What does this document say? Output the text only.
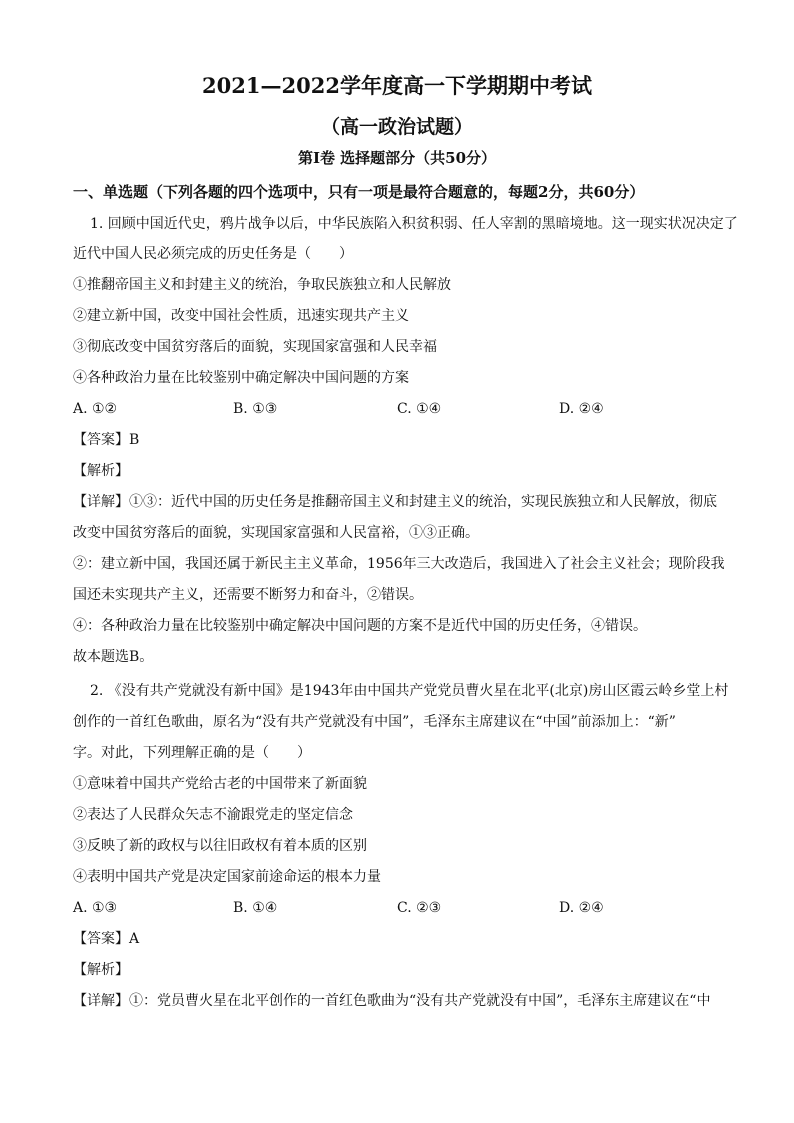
2021—2022学年度高一下学期期中考试
（高一政治试题）
第Ⅰ卷 选择题部分（共50分）
一、单选题（下列各题的四个选项中，只有一项是最符合题意的，每题2分，共60分）
1. 回顾中国近代史，鸦片战争以后，中华民族陷入积贫积弱、任人宰割的黑暗境地。这一现实状况决定了
近代中国人民必须完成的历史任务是（　　）
①推翻帝国主义和封建主义的统治，争取民族独立和人民解放
②建立新中国，改变中国社会性质，迅速实现共产主义
③彻底改变中国贫穷落后的面貌，实现国家富强和人民幸福
④各种政治力量在比较鉴别中确定解决中国问题的方案
A. ①②	B. ①③	C. ①④	D. ②④
【答案】B
【解析】
【详解】①③：近代中国的历史任务是推翻帝国主义和封建主义的统治，实现民族独立和人民解放，彻底
改变中国贫穷落后的面貌，实现国家富强和人民富裕，①③正确。
②：建立新中国，我国还属于新民主主义革命，1956年三大改造后，我国进入了社会主义社会；现阶段我
国还未实现共产主义，还需要不断努力和奋斗，②错误。
④：各种政治力量在比较鉴别中确定解决中国问题的方案不是近代中国的历史任务，④错误。
故本题选B。
2. 《没有共产党就没有新中国》是1943年由中国共产党党员曹火星在北平(北京)房山区霞云岭乡堂上村
创作的一首红色歌曲，原名为“没有共产党就没有中国”，毛泽东主席建议在“中国”前添加上：“新”
字。对此，下列理解正确的是（　　）
①意味着中国共产党给古老的中国带来了新面貌
②表达了人民群众矢志不渝跟党走的坚定信念
③反映了新的政权与以往旧政权有着本质的区别
④表明中国共产党是决定国家前途命运的根本力量
A. ①③	B. ①④	C. ②③	D. ②④
【答案】A
【解析】
【详解】①：党员曹火星在北平创作的一首红色歌曲为“没有共产党就没有中国”，毛泽东主席建议在“中
